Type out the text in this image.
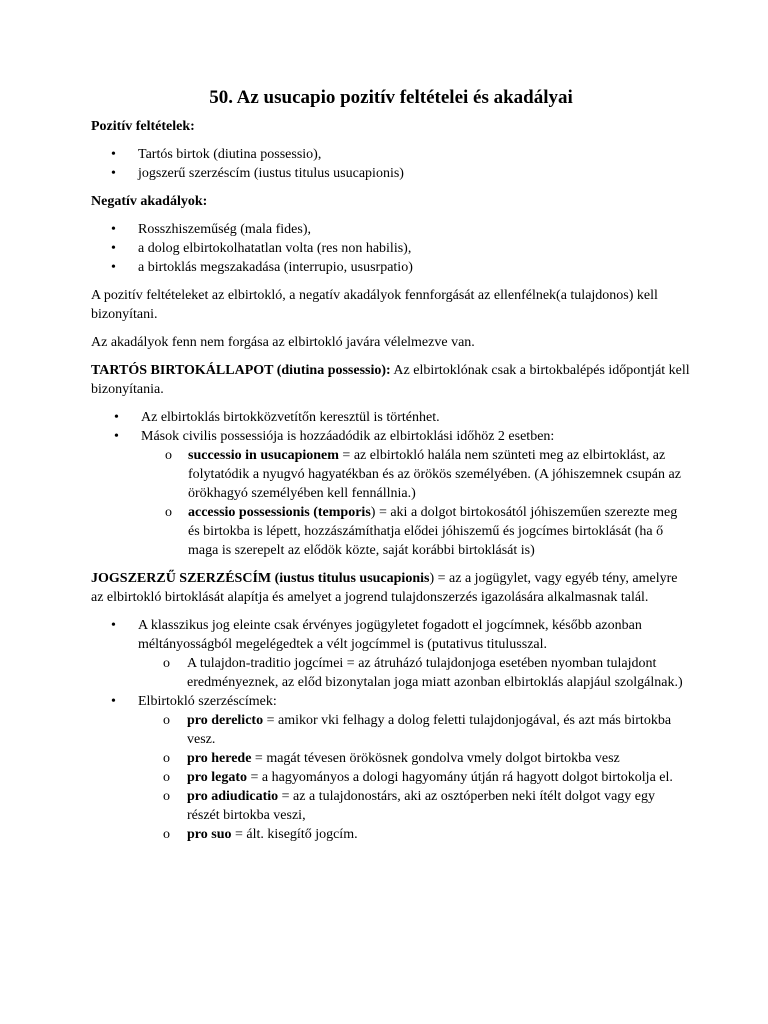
50. Az usucapio pozitív feltételei és akadályai

Pozitív feltételek:

• Tartós birtok (diutina possessio),
• jogszerű szerzéscím (iustus titulus usucapionis)

Negatív akadályok:

• Rosszhiszeműség (mala fides),
• a dolog elbirtokolhatatlan volta (res non habilis),
• a birtoklás megszakadása (interrupio, ususrpatio)

A pozitív feltételeket az elbirtokló, a negatív akadályok fennforgását az ellenfélnek(a tulajdonos) kell bizonyítani.

Az akadályok fenn nem forgása az elbirtokló javára vélelmezve van.

TARTÓS BIRTOKÁLLAPOT (diutina possessio): Az elbirtoklónak csak a birtokbalépés időpontját kell bizonyítania.

• Az elbirtoklás birtokközvetítőn keresztül is történhet.
• Mások civilis possessiója is hozzáadódik az elbirtoklási időhöz 2 esetben:
o successio in usucapionem = az elbirtokló halála nem szünteti meg az elbirtoklást, az folytatódik a nyugvó hagyatékban és az örökös személyében. (A jóhiszemnek csupán az örökhagyó személyében kell fennállnia.)
o accessio possessionis (temporis) = aki a dolgot birtokosától jóhiszeműen szerezte meg és birtokba is lépett, hozzászámíthatja elődei jóhiszemű és jogcímes birtoklását (ha ő maga is szerepelt az elődök közte, saját korábbi birtoklását is)

JOGSZERZŰ SZERZÉSCÍM (iustus titulus usucapionis) = az a jogügylet, vagy egyéb tény, amelyre az elbirtokló birtoklását alapítja és amelyet a jogrend tulajdonszerzés igazolására alkalmasnak talál.

• A klasszikus jog eleinte csak érvényes jogügyletet fogadott el jogcímnek, később azonban méltányosságból megelégedtek a vélt jogcímmel is (putativus titulusszal.
o A tulajdon-traditio jogcímei = az átruházó tulajdonjoga esetében nyomban tulajdont eredményeznek, az előd bizonytalan joga miatt azonban elbirtoklás alapjául szolgálnak.)
• Elbirtokló szerzéscímek:
o pro derelicto = amikor vki felhagy a dolog feletti tulajdonjogával, és azt más birtokba vesz.
o pro herede = magát tévesen örökösnek gondolva vmely dolgot birtokba vesz
o pro legato = a hagyományos a dologi hagyomány útján rá hagyott dolgot birtokolja el.
o pro adiudicatio = az a tulajdonostárs, aki az osztóperben neki ítélt dolgot vagy egy részét birtokba veszi,
o pro suo = ált. kisegítő jogcím.
